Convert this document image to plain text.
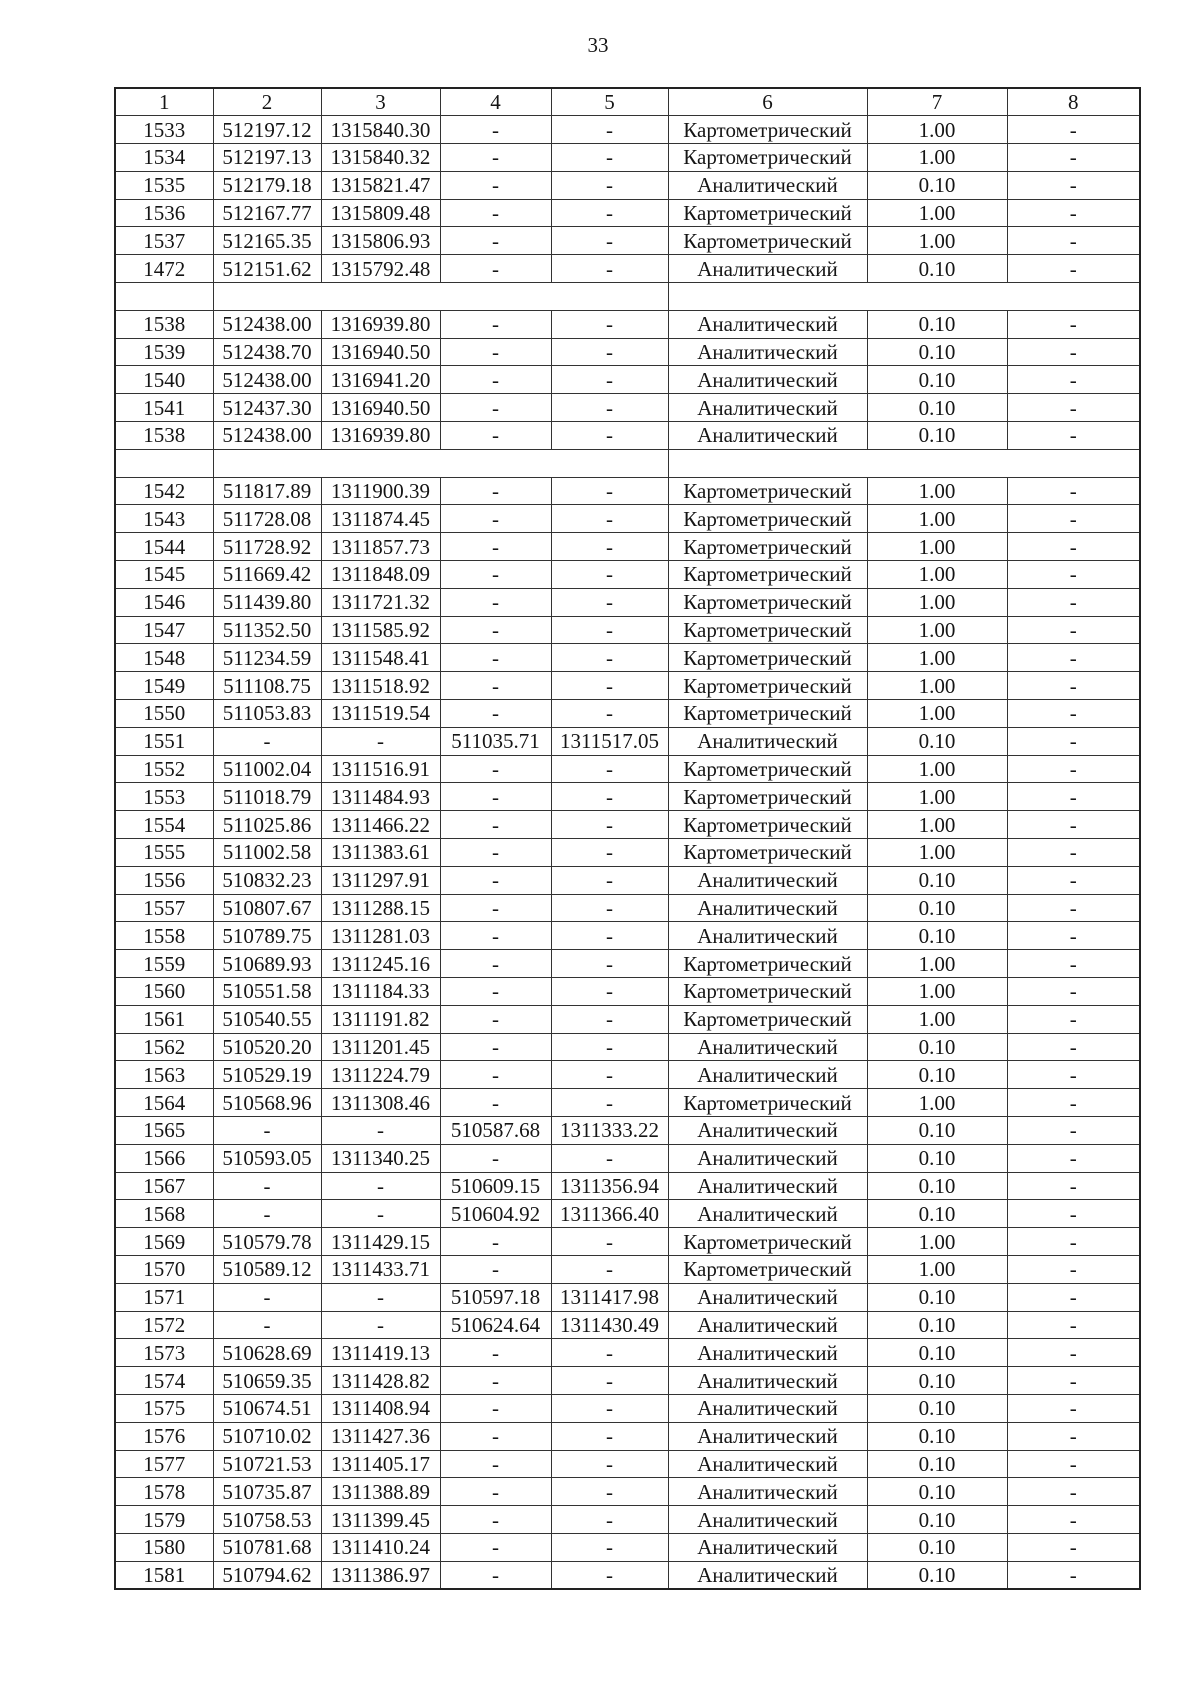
33
1	2	3	4	5	6	7	8
1533	512197.12	1315840.30	-	-	Картометрический	1.00	-
1534	512197.13	1315840.32	-	-	Картометрический	1.00	-
1535	512179.18	1315821.47	-	-	Аналитический	0.10	-
1536	512167.77	1315809.48	-	-	Картометрический	1.00	-
1537	512165.35	1315806.93	-	-	Картометрический	1.00	-
1472	512151.62	1315792.48	-	-	Аналитический	0.10	-

1538	512438.00	1316939.80	-	-	Аналитический	0.10	-
1539	512438.70	1316940.50	-	-	Аналитический	0.10	-
1540	512438.00	1316941.20	-	-	Аналитический	0.10	-
1541	512437.30	1316940.50	-	-	Аналитический	0.10	-
1538	512438.00	1316939.80	-	-	Аналитический	0.10	-

1542	511817.89	1311900.39	-	-	Картометрический	1.00	-
1543	511728.08	1311874.45	-	-	Картометрический	1.00	-
1544	511728.92	1311857.73	-	-	Картометрический	1.00	-
1545	511669.42	1311848.09	-	-	Картометрический	1.00	-
1546	511439.80	1311721.32	-	-	Картометрический	1.00	-
1547	511352.50	1311585.92	-	-	Картометрический	1.00	-
1548	511234.59	1311548.41	-	-	Картометрический	1.00	-
1549	511108.75	1311518.92	-	-	Картометрический	1.00	-
1550	511053.83	1311519.54	-	-	Картометрический	1.00	-
1551	-	-	511035.71	1311517.05	Аналитический	0.10	-
1552	511002.04	1311516.91	-	-	Картометрический	1.00	-
1553	511018.79	1311484.93	-	-	Картометрический	1.00	-
1554	511025.86	1311466.22	-	-	Картометрический	1.00	-
1555	511002.58	1311383.61	-	-	Картометрический	1.00	-
1556	510832.23	1311297.91	-	-	Аналитический	0.10	-
1557	510807.67	1311288.15	-	-	Аналитический	0.10	-
1558	510789.75	1311281.03	-	-	Аналитический	0.10	-
1559	510689.93	1311245.16	-	-	Картометрический	1.00	-
1560	510551.58	1311184.33	-	-	Картометрический	1.00	-
1561	510540.55	1311191.82	-	-	Картометрический	1.00	-
1562	510520.20	1311201.45	-	-	Аналитический	0.10	-
1563	510529.19	1311224.79	-	-	Аналитический	0.10	-
1564	510568.96	1311308.46	-	-	Картометрический	1.00	-
1565	-	-	510587.68	1311333.22	Аналитический	0.10	-
1566	510593.05	1311340.25	-	-	Аналитический	0.10	-
1567	-	-	510609.15	1311356.94	Аналитический	0.10	-
1568	-	-	510604.92	1311366.40	Аналитический	0.10	-
1569	510579.78	1311429.15	-	-	Картометрический	1.00	-
1570	510589.12	1311433.71	-	-	Картометрический	1.00	-
1571	-	-	510597.18	1311417.98	Аналитический	0.10	-
1572	-	-	510624.64	1311430.49	Аналитический	0.10	-
1573	510628.69	1311419.13	-	-	Аналитический	0.10	-
1574	510659.35	1311428.82	-	-	Аналитический	0.10	-
1575	510674.51	1311408.94	-	-	Аналитический	0.10	-
1576	510710.02	1311427.36	-	-	Аналитический	0.10	-
1577	510721.53	1311405.17	-	-	Аналитический	0.10	-
1578	510735.87	1311388.89	-	-	Аналитический	0.10	-
1579	510758.53	1311399.45	-	-	Аналитический	0.10	-
1580	510781.68	1311410.24	-	-	Аналитический	0.10	-
1581	510794.62	1311386.97	-	-	Аналитический	0.10	-
